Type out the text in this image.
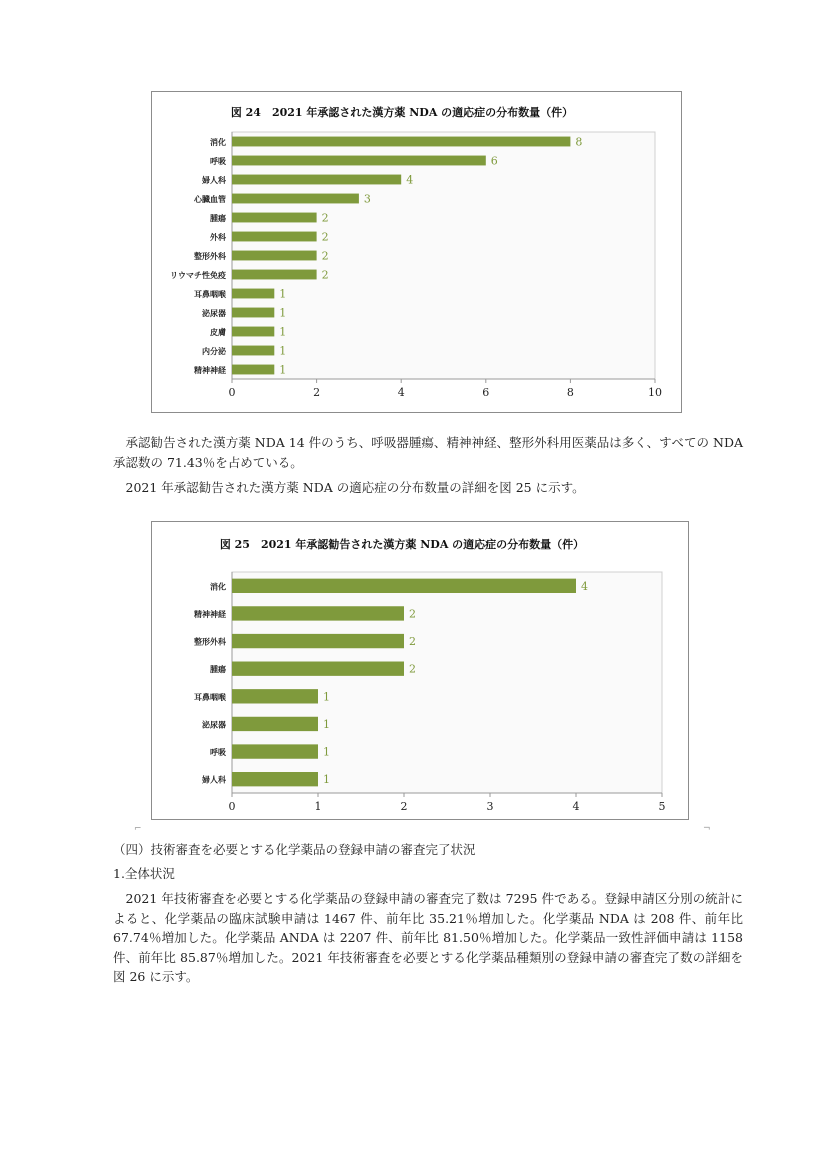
図 24　2021 年承認された漢方薬 NDA の適応症の分布数量（件）
消化	8
呼吸	6
婦人科	4
心臓血管	3
腫瘍	2
外科	2
整形外科	2
リウマチ性免疫	2
耳鼻咽喉	1
泌尿器	1
皮膚	1
内分泌	1
精神神経	1
0	2	4	6	8	10

承認勧告された漢方薬 NDA 14 件のうち、呼吸器腫瘍、精神神経、整形外科用医薬品は多く、すべての NDA 承認数の 71.43％を占めている。

2021 年承認勧告された漢方薬 NDA の適応症の分布数量の詳細を図 25 に示す。

図 25　2021 年承認勧告された漢方薬 NDA の適応症の分布数量（件）
消化	4
精神神経	2
整形外科	2
腫瘍	2
耳鼻咽喉	1
泌尿器	1
呼吸	1
婦人科	1
0	1	2	3	4	5
⌐	¬

（四）技術審査を必要とする化学薬品の登録申請の審査完了状況

1.全体状況

2021 年技術審査を必要とする化学薬品の登録申請の審査完了数は 7295 件である。登録申請区分別の統計によると、化学薬品の臨床試験申請は 1467 件、前年比 35.21％増加した。化学薬品 NDA は 208 件、前年比 67.74％増加した。化学薬品 ANDA は 2207 件、前年比 81.50％増加した。化学薬品一致性評価申請は 1158 件、前年比 85.87％増加した。2021 年技術審査を必要とする化学薬品種類別の登録申請の審査完了数の詳細を図 26 に示す。
